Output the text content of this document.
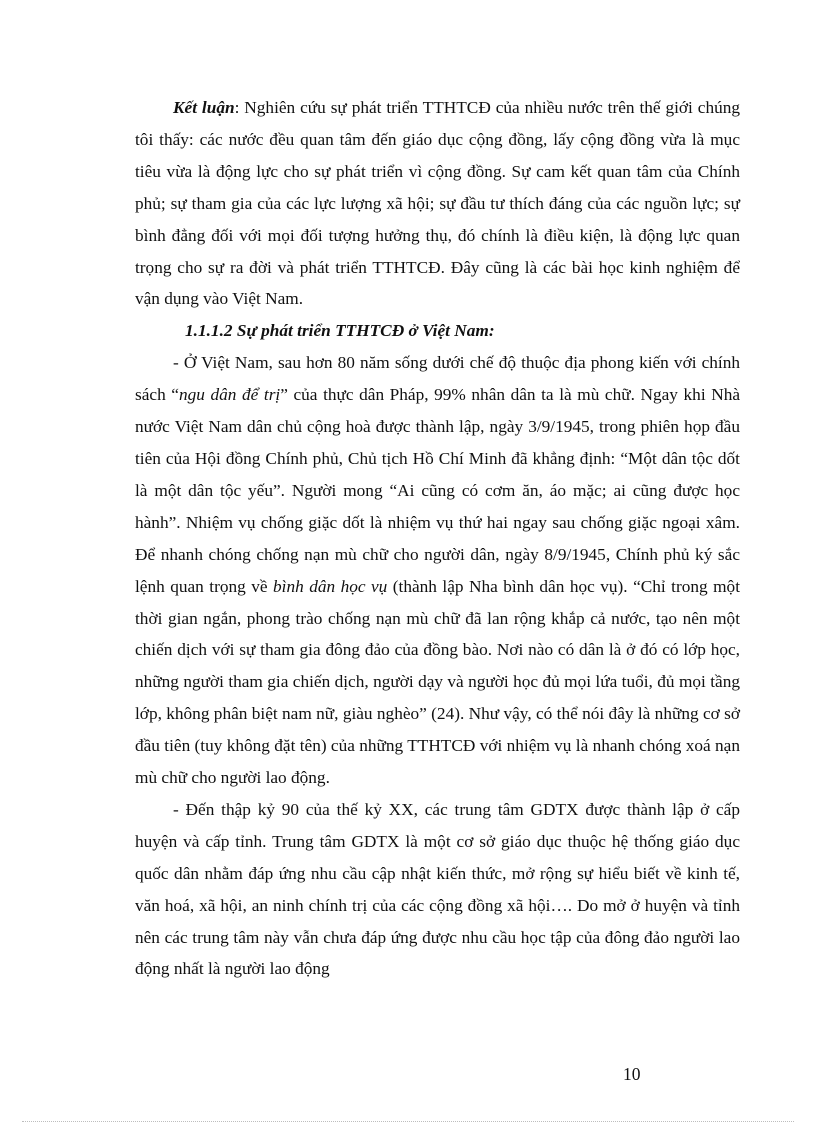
Kết luận: Nghiên cứu sự phát triển TTHTCĐ của nhiều nước trên thế giới chúng tôi thấy: các nước đều quan tâm đến giáo dục cộng đồng, lấy cộng đồng vừa là mục tiêu vừa là động lực cho sự phát triển vì cộng đồng. Sự cam kết quan tâm của Chính phủ; sự tham gia của các lực lượng xã hội; sự đầu tư thích đáng của các nguồn lực; sự bình đẳng đối với mọi đối tượng hưởng thụ, đó chính là điều kiện, là động lực quan trọng cho sự ra đời và phát triển TTHTCĐ. Đây cũng là các bài học kinh nghiệm để vận dụng vào Việt Nam.

1.1.1.2 Sự phát triển TTHTCĐ ở Việt Nam:

- Ở Việt Nam, sau hơn 80 năm sống dưới chế độ thuộc địa phong kiến với chính sách “ngu dân để trị” của thực dân Pháp, 99% nhân dân ta là mù chữ. Ngay khi Nhà nước Việt Nam dân chủ cộng hoà được thành lập, ngày 3/9/1945, trong phiên họp đầu tiên của Hội đồng Chính phủ, Chủ tịch Hồ Chí Minh đã khẳng định: “Một dân tộc dốt là một dân tộc yếu”. Người mong “Ai cũng có cơm ăn, áo mặc; ai cũng được học hành”. Nhiệm vụ chống giặc dốt là nhiệm vụ thứ hai ngay sau chống giặc ngoại xâm. Để nhanh chóng chống nạn mù chữ cho người dân, ngày 8/9/1945, Chính phủ ký sắc lệnh quan trọng về bình dân học vụ (thành lập Nha bình dân học vụ). “Chỉ trong một thời gian ngắn, phong trào chống nạn mù chữ đã lan rộng khắp cả nước, tạo nên một chiến dịch với sự tham gia đông đảo của đồng bào. Nơi nào có dân là ở đó có lớp học, những người tham gia chiến dịch, người dạy và người học đủ mọi lứa tuổi, đủ mọi tầng lớp, không phân biệt nam nữ, giàu nghèo” (24). Như vậy, có thể nói đây là những cơ sở đầu tiên (tuy không đặt tên) của những TTHTCĐ với nhiệm vụ là nhanh chóng xoá nạn mù chữ cho người lao động.

- Đến thập kỷ 90 của thế kỷ XX, các trung tâm GDTX được thành lập ở cấp huyện và cấp tỉnh. Trung tâm GDTX là một cơ sở giáo dục thuộc hệ thống giáo dục quốc dân nhằm đáp ứng nhu cầu cập nhật kiến thức, mở rộng sự hiểu biết về kinh tế, văn hoá, xã hội, an ninh chính trị của các cộng đồng xã hội…. Do mở ở huyện và tỉnh nên các trung tâm này vẫn chưa đáp ứng được nhu cầu học tập của đông đảo người lao động nhất là người lao động

10
